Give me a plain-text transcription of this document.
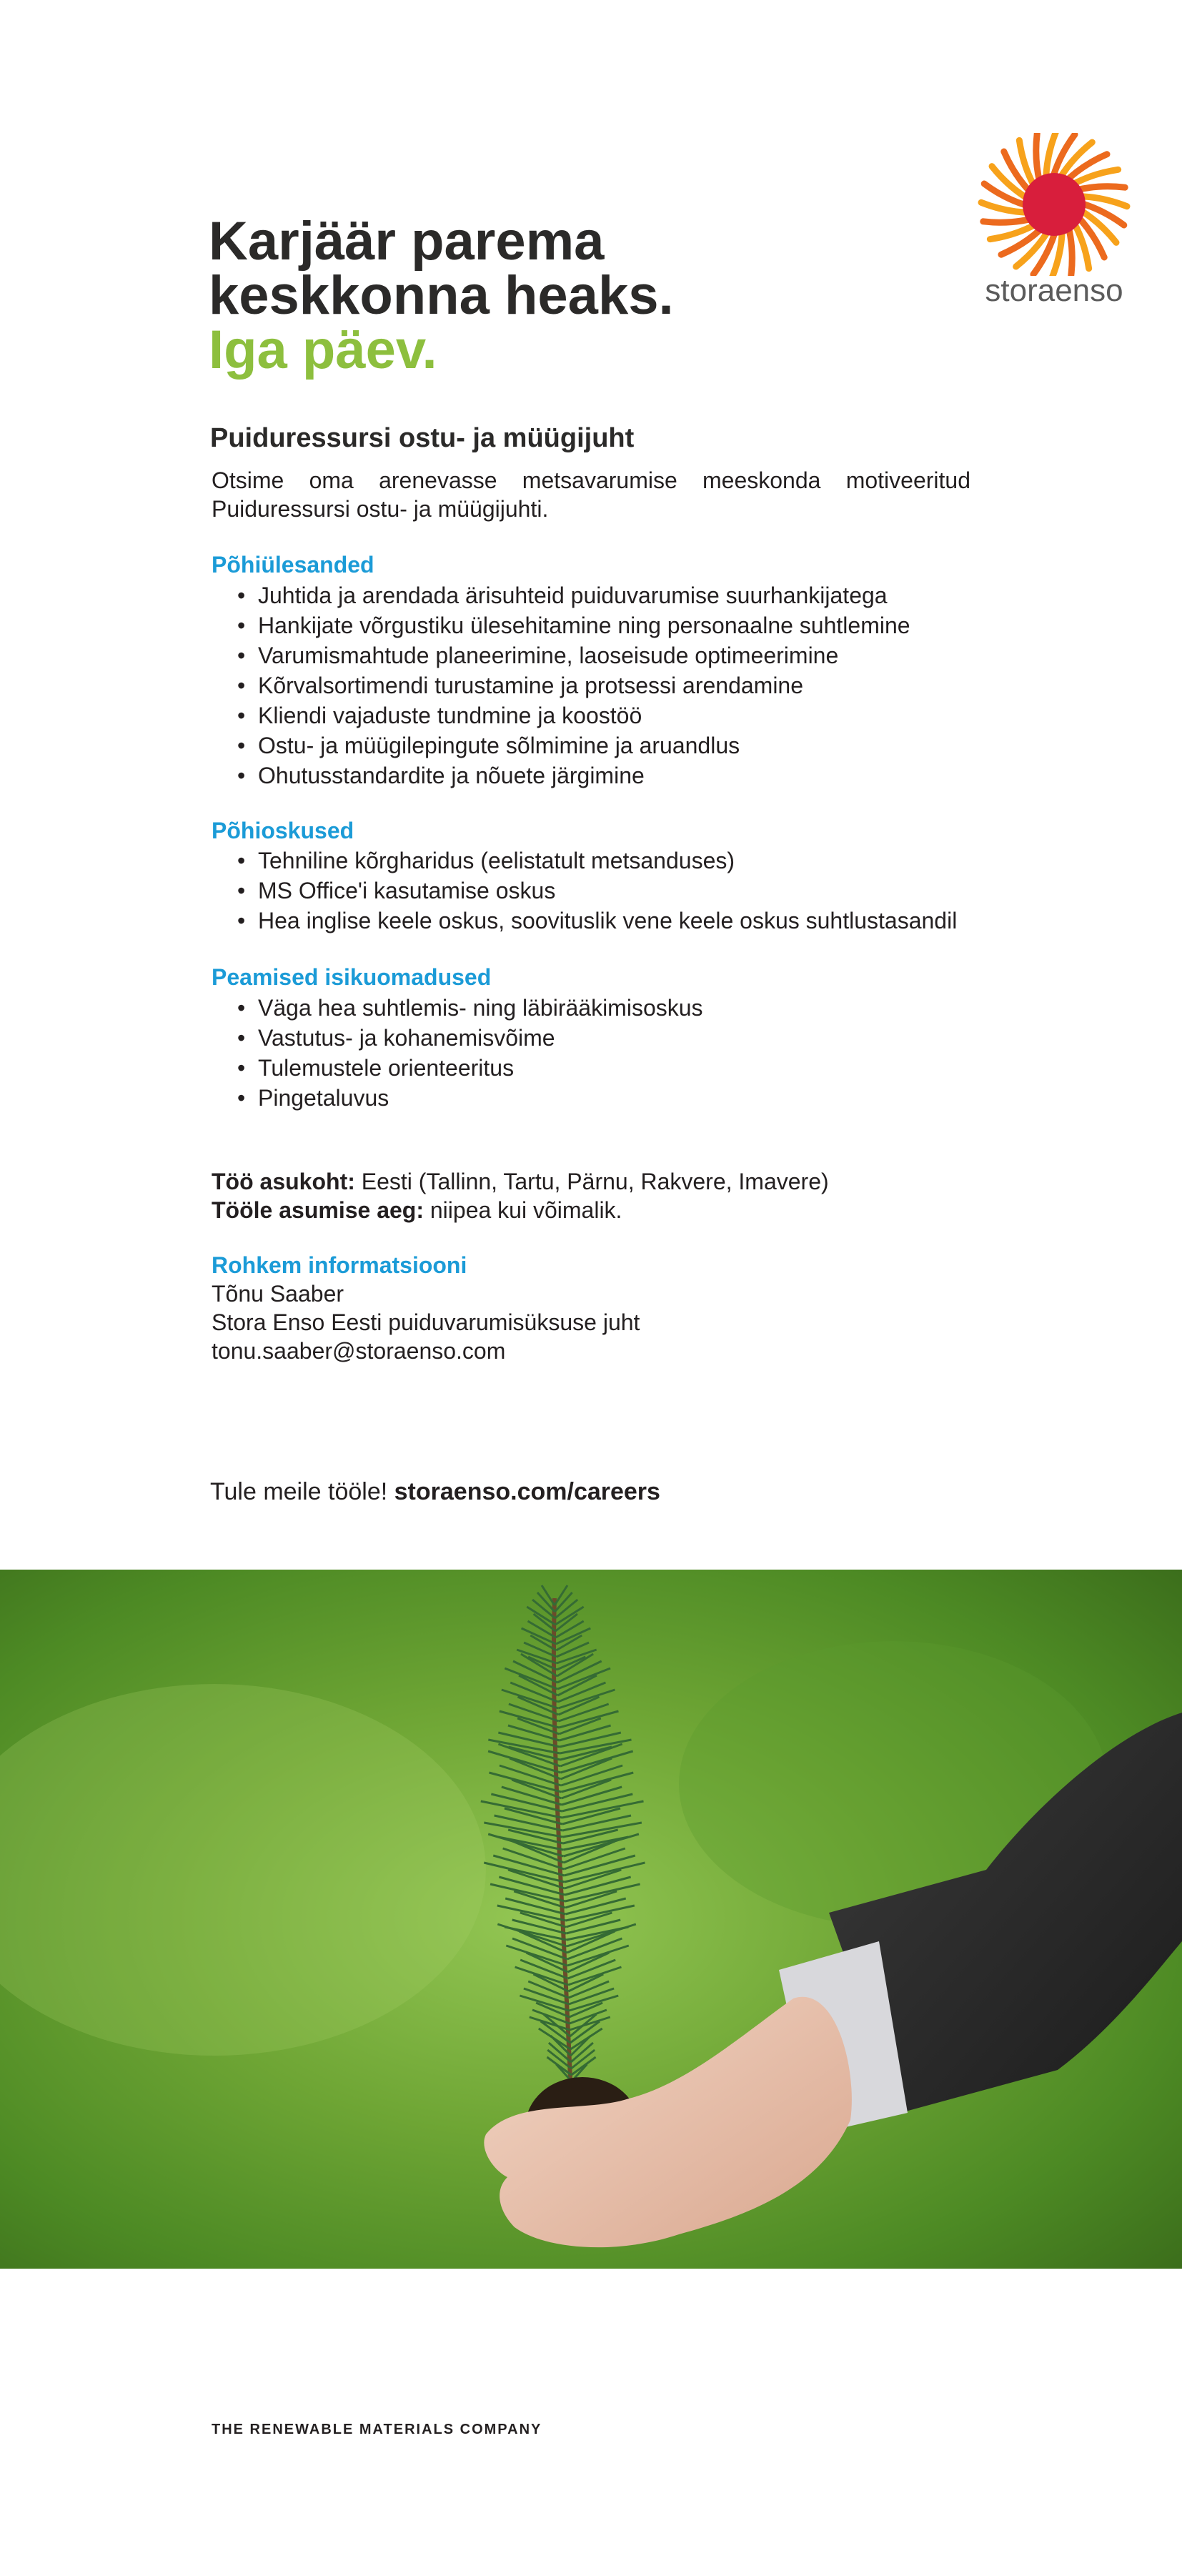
Karjäär parema
keskkonna heaks.
Iga päev.
storaenso
Puiduressursi ostu- ja müügijuht
Otsime oma arenevasse metsavarumise meeskonda motiveeritud Puiduressursi ostu- ja müügijuhti.
Põhiülesanded
• Juhtida ja arendada ärisuhteid puiduvarumise suurhankijatega
• Hankijate võrgustiku ülesehitamine ning personaalne suhtlemine
• Varumismahtude planeerimine, laoseisude optimeerimine
• Kõrvalsortimendi turustamine ja protsessi arendamine
• Kliendi vajaduste tundmine ja koostöö
• Ostu- ja müügilepingute sõlmimine ja aruandlus
• Ohutusstandardite ja nõuete järgimine
Põhioskused
• Tehniline kõrgharidus (eelistatult metsanduses)
• MS Office'i kasutamise oskus
• Hea inglise keele oskus, soovituslik vene keele oskus suhtlustasandil
Peamised isikuomadused
• Väga hea suhtlemis- ning läbirääkimisoskus
• Vastutus- ja kohanemisvõime
• Tulemustele orienteeritus
• Pingetaluvus
Töö asukoht: Eesti (Tallinn, Tartu, Pärnu, Rakvere, Imavere)
Tööle asumise aeg: niipea kui võimalik.
Rohkem informatsiooni
Tõnu Saaber
Stora Enso Eesti puiduvarumisüksuse juht
tonu.saaber@storaenso.com
Tule meile tööle! storaenso.com/careers
THE RENEWABLE MATERIALS COMPANY
